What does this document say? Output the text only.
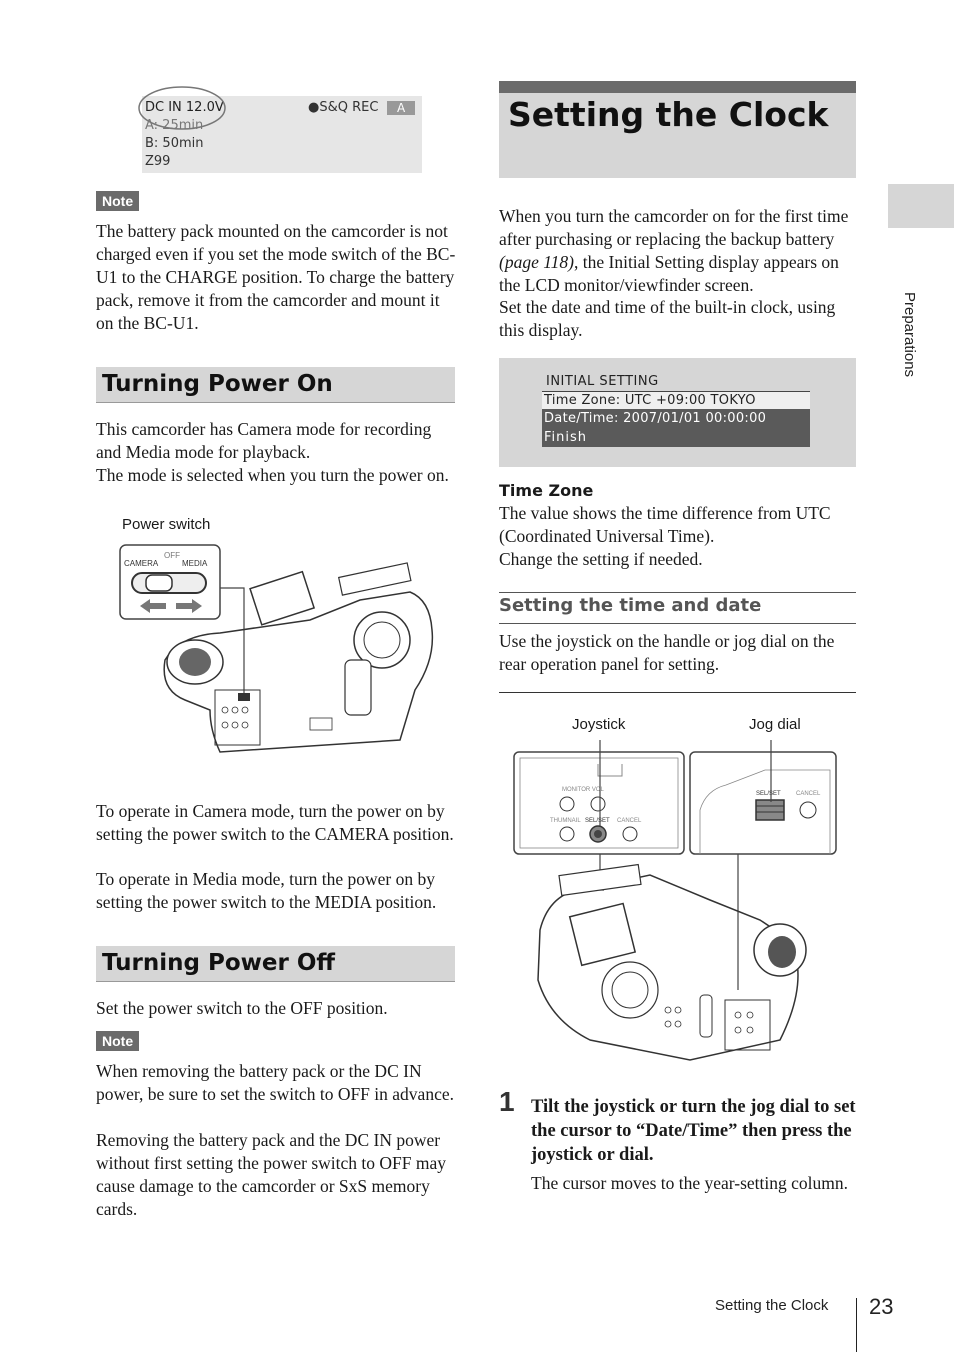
DC IN 12.0V	●S&Q REC	A
A: 25min
B: 50min
Z99
Note
The battery pack mounted on the camcorder is not charged even if you set the mode switch of the BC-U1 to the CHARGE position. To charge the battery pack, remove it from the camcorder and mount it on the BC-U1.
Turning Power On
This camcorder has Camera mode for recording and Media mode for playback.
The mode is selected when you turn the power on.
Power switch
OFF
CAMERA	MEDIA
To operate in Camera mode, turn the power on by setting the power switch to the CAMERA position.
To operate in Media mode, turn the power on by setting the power switch to the MEDIA position.
Turning Power Off
Set the power switch to the OFF position.
Note
When removing the battery pack or the DC IN power, be sure to set the switch to OFF in advance.
Removing the battery pack and the DC IN power without first setting the power switch to OFF may cause damage to the camcorder or SxS memory cards.
Setting the Clock
When you turn the camcorder on for the first time after purchasing or replacing the backup battery (page 118), the Initial Setting display appears on the LCD monitor/viewfinder screen.
Set the date and time of the built-in clock, using this display.
INITIAL SETTING
Time Zone: UTC +09:00 TOKYO
Date/Time: 2007/01/01 00:00:00
Finish
Time Zone
The value shows the time difference from UTC (Coordinated Universal Time).
Change the setting if needed.
Setting the time and date
Use the joystick on the handle or jog dial on the rear operation panel for setting.
Joystick	Jog dial
MONITOR VOL
THUMNAIL SEL/SET CANCEL
SEL/SET	CANCEL
1 Tilt the joystick or turn the jog dial to set the cursor to “Date/Time” then press the joystick or dial.
The cursor moves to the year-setting column.
Preparations
Setting the Clock 23
